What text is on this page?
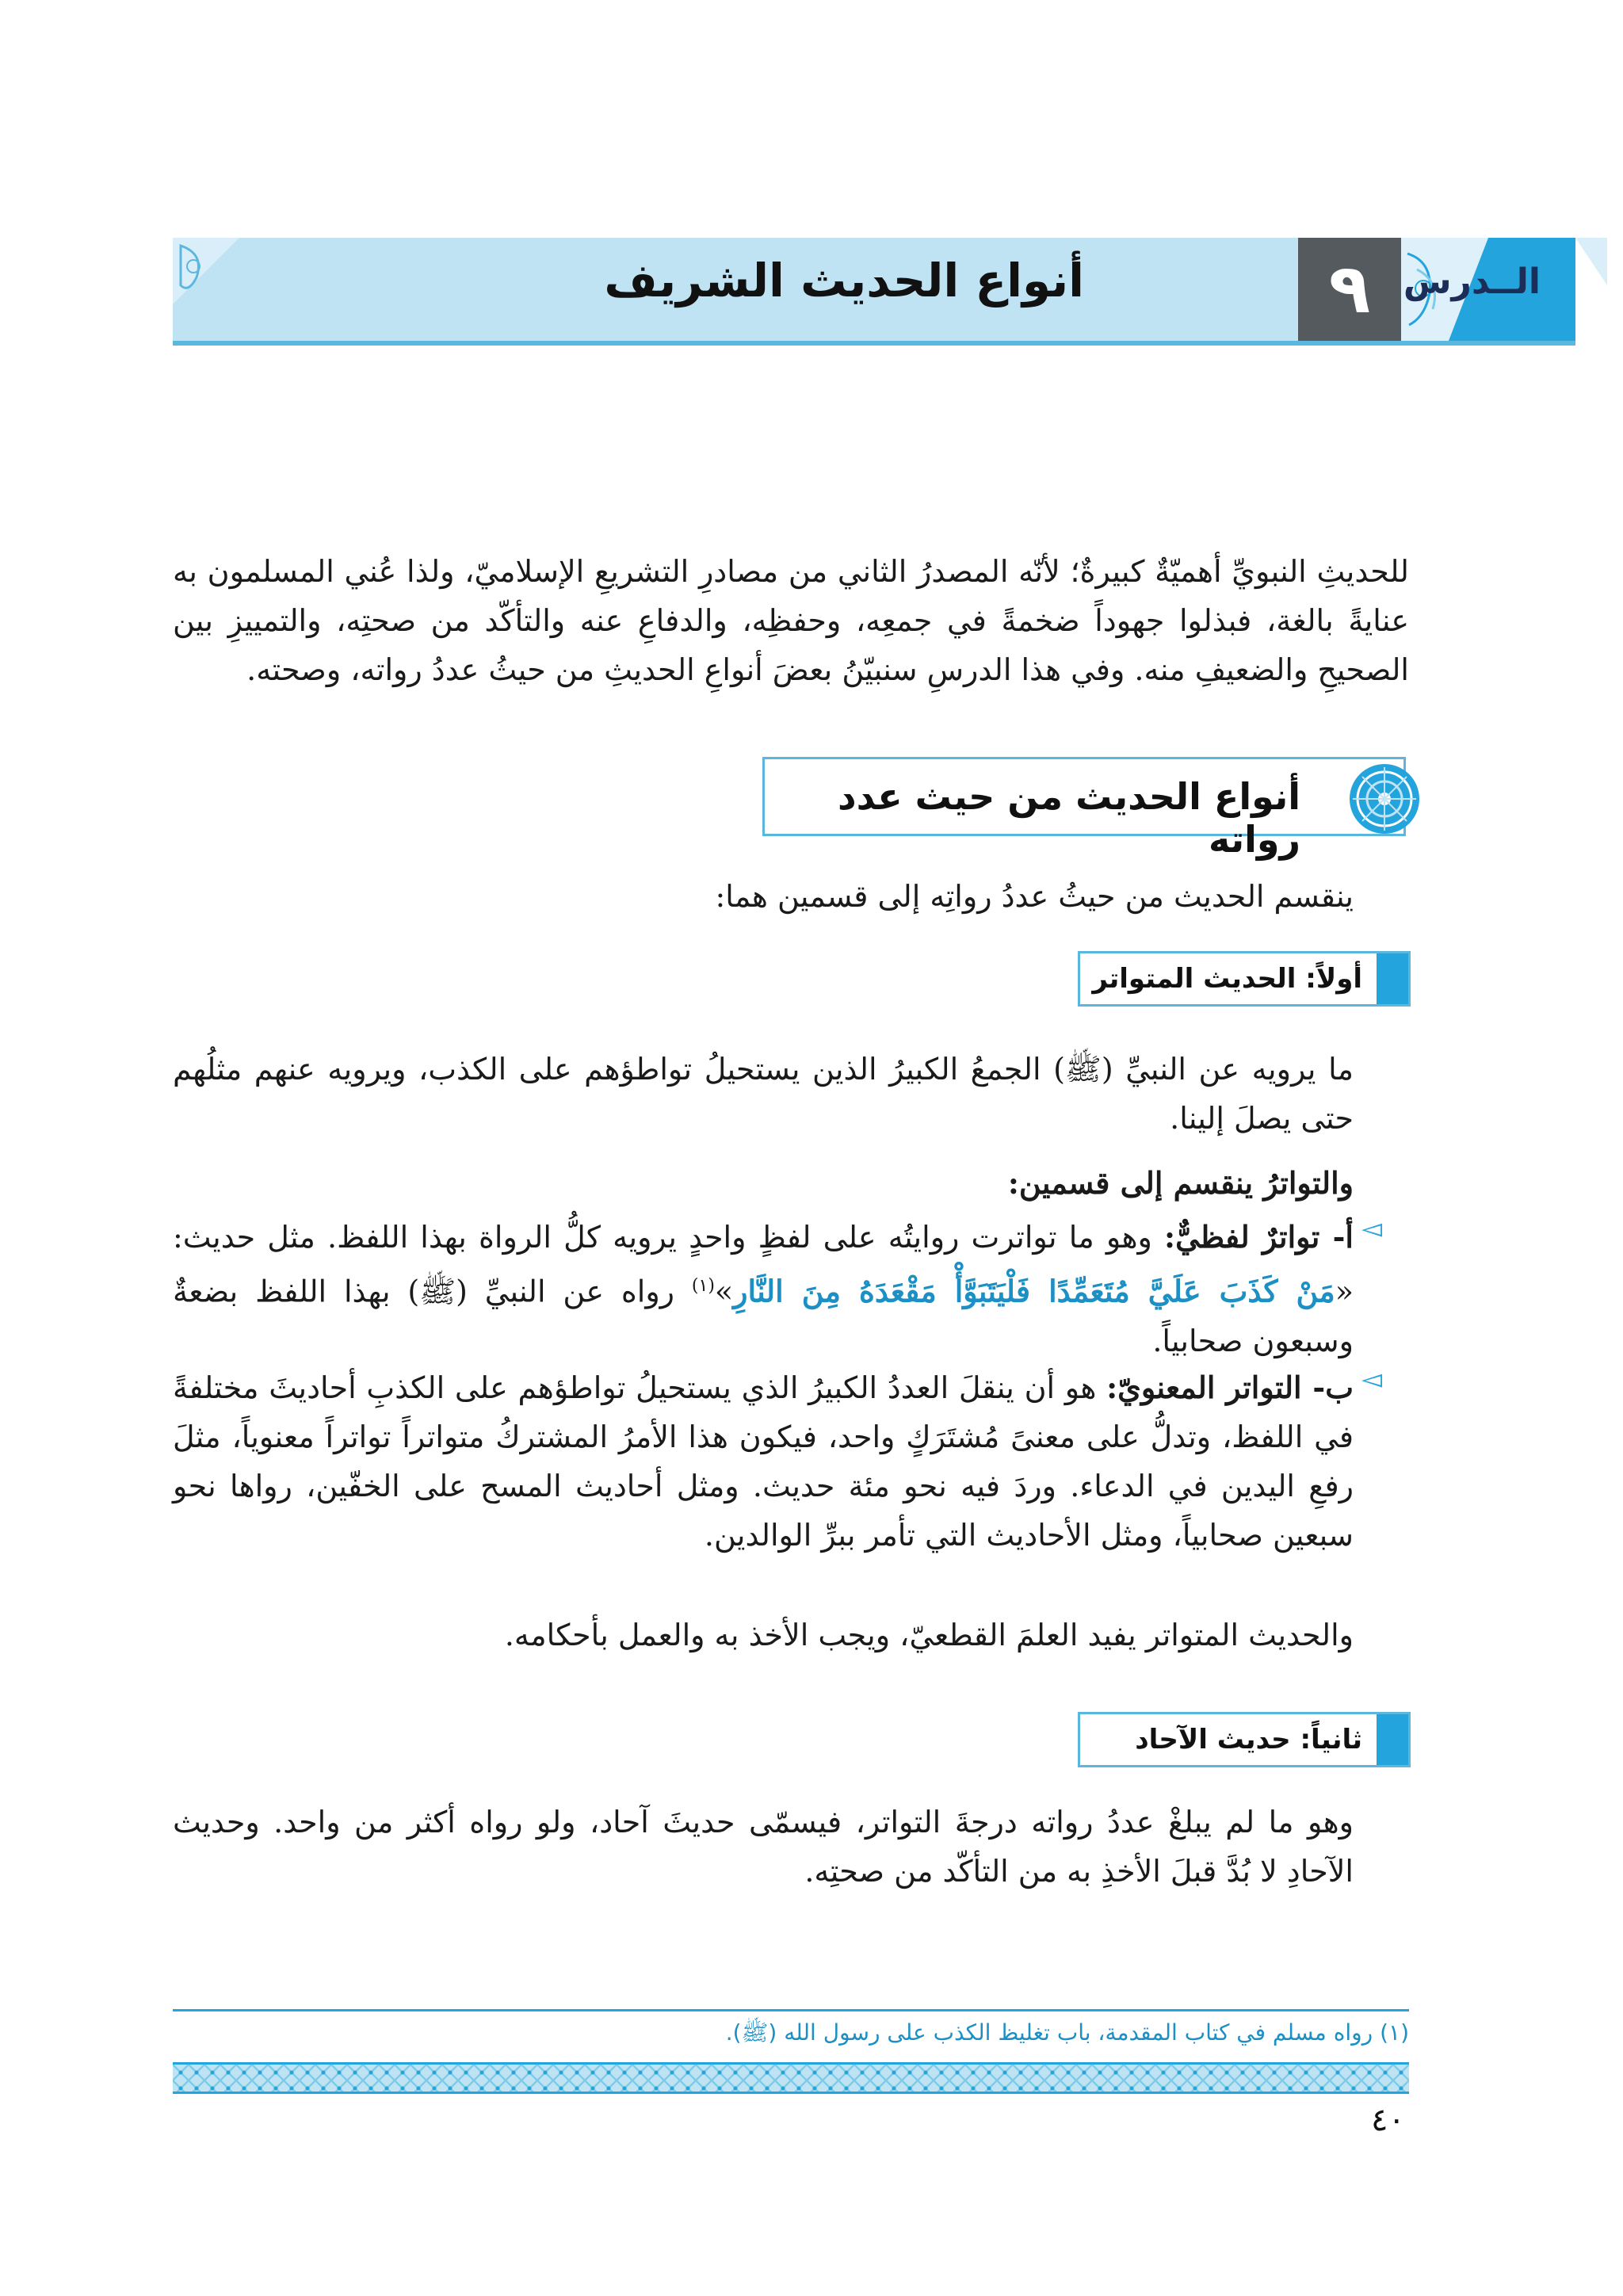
أنواع الحديث الشريف	٩ الــدرس
للحديثِ النبويِّ أهميّةٌ كبيرةٌ؛ لأنّه المصدرُ الثاني من مصادرِ التشريعِ الإسلاميّ، ولذا عُني المسلمون به عنايةً بالغة، فبذلوا جهوداً ضخمةً في جمعِه، وحفظِه، والدفاعِ عنه والتأكّد من صحتِه، والتمييزِ بين الصحيحِ والضعيفِ منه. وفي هذا الدرسِ سنبيّنُ بعضَ أنواعِ الحديثِ من حيثُ عددُ رواته، وصحته.
أنواع الحديث من حيث عدد رواته
ينقسم الحديث من حيثُ عددُ رواتِه إلى قسمين هما:
أولاً: الحديث المتواتر
ما يرويه عن النبيِّ (ﷺ) الجمعُ الكبيرُ الذين يستحيلُ تواطؤهم على الكذب، ويرويه عنهم مثلُهم حتى يصلَ إلينا.
والتواترُ ينقسم إلى قسمين:
◅
أ- تواترٌ لفظيٌّ: وهو ما تواترت روايتُه على لفظٍ واحدٍ يرويه كلُّ الرواة بهذا اللفظ. مثل حديث: «مَنْ كَذَبَ عَلَيَّ مُتَعَمِّدًا فَلْيَتَبَوَّأْ مَقْعَدَهُ مِنَ النَّارِ»$^{(١)}$ رواه عن النبيِّ (ﷺ) بهذا اللفظ بضعةٌ وسبعون صحابياً.
◅
ب- التواتر المعنويّ: هو أن ينقلَ العددُ الكبيرُ الذي يستحيلُ تواطؤهم على الكذبِ أحاديثَ مختلفةً في اللفظ، وتدلُّ على معنىً مُشتَرَكٍ واحد، فيكون هذا الأمرُ المشتركُ متواتراً تواتراً معنوياً، مثلَ رفعِ اليدين في الدعاء. وردَ فيه نحو مئة حديث. ومثل أحاديث المسح على الخفّين، رواها نحو سبعين صحابياً، ومثل الأحاديث التي تأمر ببرِّ الوالدين.
والحديث المتواتر يفيد العلمَ القطعيّ، ويجب الأخذ به والعمل بأحكامه.
ثانياً: حديث الآحاد
وهو ما لم يبلغْ عددُ رواته درجةَ التواتر، فيسمّى حديثَ آحاد، ولو رواه أكثر من واحد. وحديث الآحادِ لا بُدَّ قبلَ الأخذِ به من التأكّد من صحتِه.
(١) رواه مسلم في كتاب المقدمة، باب تغليظ الكذب على رسول الله (ﷺ).
٤٠
